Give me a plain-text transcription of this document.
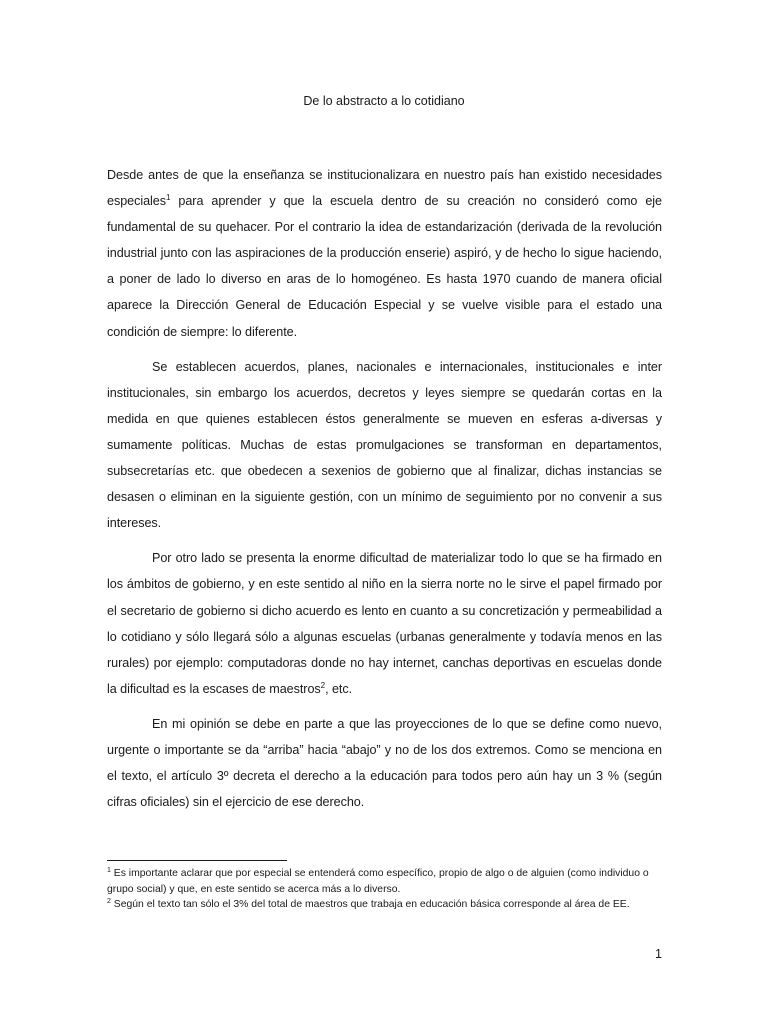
De lo abstracto a lo cotidiano

Desde antes de que la enseñanza se institucionalizara en nuestro país han existido necesidades especiales$^1$ para aprender y que la escuela dentro de su creación no consideró como eje fundamental de su quehacer. Por el contrario la idea de estandarización (derivada de la revolución industrial junto con las aspiraciones de la producción enserie) aspiró, y de hecho lo sigue haciendo, a poner de lado lo diverso en aras de lo homogéneo. Es hasta 1970 cuando de manera oficial aparece la Dirección General de Educación Especial y se vuelve visible para el estado una condición de siempre: lo diferente.

Se establecen acuerdos, planes, nacionales e internacionales, institucionales e inter institucionales, sin embargo los acuerdos, decretos y leyes siempre se quedarán cortas en la medida en que quienes establecen éstos generalmente se mueven en esferas a-diversas y sumamente políticas. Muchas de estas promulgaciones se transforman en departamentos, subsecretarías etc. que obedecen a sexenios de gobierno que al finalizar, dichas instancias se desasen o eliminan en la siguiente gestión, con un mínimo de seguimiento por no convenir a sus intereses.

Por otro lado se presenta la enorme dificultad de materializar todo lo que se ha firmado en los ámbitos de gobierno, y en este sentido al niño en la sierra norte no le sirve el papel firmado por el secretario de gobierno si dicho acuerdo es lento en cuanto a su concretización y permeabilidad a lo cotidiano y sólo llegará sólo a algunas escuelas (urbanas generalmente y todavía menos en las rurales) por ejemplo: computadoras donde no hay internet, canchas deportivas en escuelas donde la dificultad es la escases de maestros$^2$, etc.

En mi opinión se debe en parte a que las proyecciones de lo que se define como nuevo, urgente o importante se da “arriba” hacia “abajo” y no de los dos extremos. Como se menciona en el texto, el artículo 3º decreta el derecho a la educación para todos pero aún hay un 3 % (según cifras oficiales) sin el ejercicio de ese derecho.

$^1$ Es importante aclarar que por especial se entenderá como específico, propio de algo o de alguien (como individuo o grupo social) y que, en este sentido se acerca más a lo diverso.

$^2$ Según el texto tan sólo el 3% del total de maestros que trabaja en educación básica corresponde al área de EE.

1
